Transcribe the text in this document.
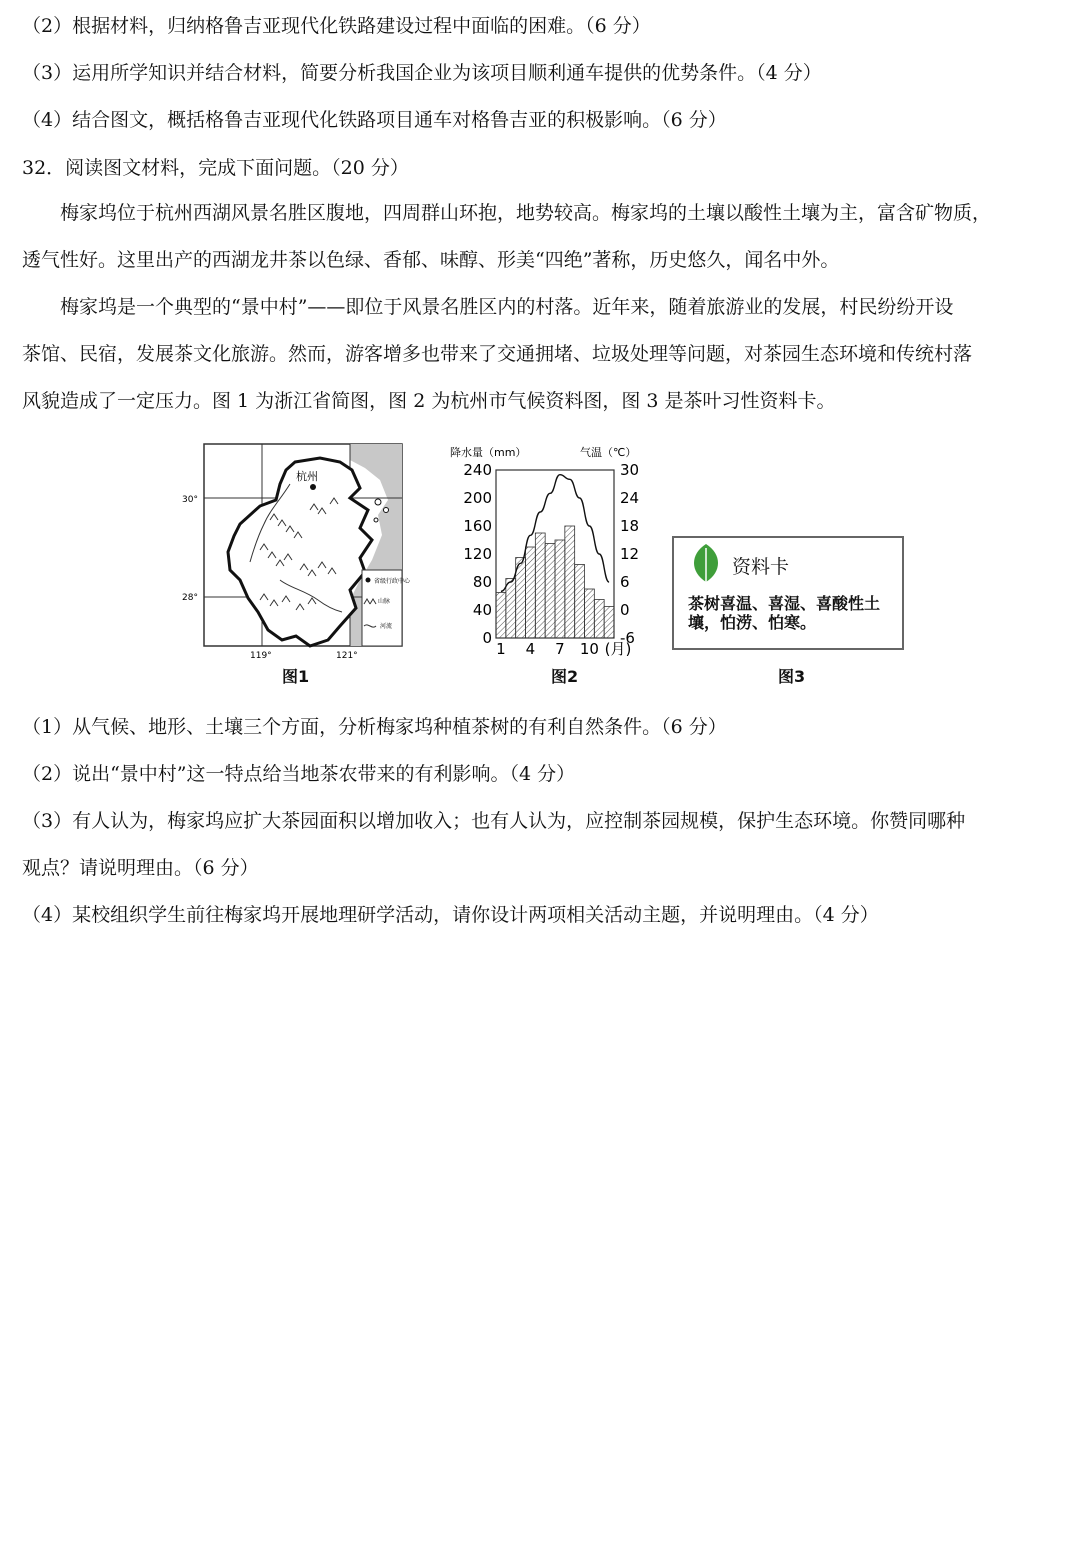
（2）根据材料，归纳格鲁吉亚现代化铁路建设过程中面临的困难。（6 分）
（3）运用所学知识并结合材料，简要分析我国企业为该项目顺利通车提供的优势条件。（4 分）
（4）结合图文，概括格鲁吉亚现代化铁路项目通车对格鲁吉亚的积极影响。（6 分）
32．阅读图文材料，完成下面问题。（20 分）
梅家坞位于杭州西湖风景名胜区腹地，四周群山环抱，地势较高。梅家坞的土壤以酸性土壤为主，富含矿物质，
透气性好。这里出产的西湖龙井茶以色绿、香郁、味醇、形美“四绝”著称，历史悠久，闻名中外。
梅家坞是一个典型的“景中村”——即位于风景名胜区内的村落。近年来，随着旅游业的发展，村民纷纷开设
茶馆、民宿，发展茶文化旅游。然而，游客增多也带来了交通拥堵、垃圾处理等问题，对茶园生态环境和传统村落
风貌造成了一定压力。图 1 为浙江省简图，图 2 为杭州市气候资料图，图 3 是茶叶习性资料卡。
杭州
30°
28°
119°	121°
省级行政中心
山脉
河流
图1
降水量（mm）	气温（℃）
240
200
160
120
80
40
0
30
24
18
12
6
0
-6
1 4 7 10 (月)
图2
资料卡
茶树喜温、喜湿、喜酸性土壤，怕涝、怕寒。
图3
（1）从气候、地形、土壤三个方面，分析梅家坞种植茶树的有利自然条件。（6 分）
（2）说出“景中村”这一特点给当地茶农带来的有利影响。（4 分）
（3）有人认为，梅家坞应扩大茶园面积以增加收入；也有人认为，应控制茶园规模，保护生态环境。你赞同哪种
观点？请说明理由。（6 分）
（4）某校组织学生前往梅家坞开展地理研学活动，请你设计两项相关活动主题，并说明理由。（4 分）
